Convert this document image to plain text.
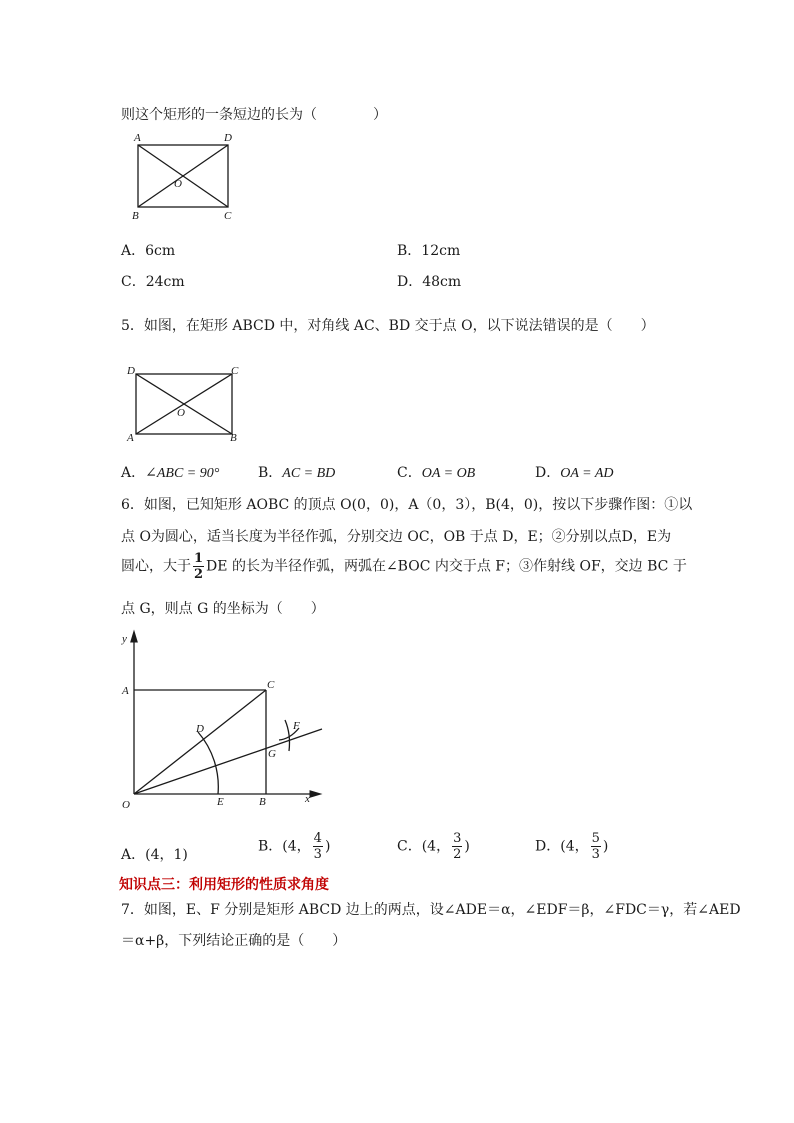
则这个矩形的一条短边的长为（　　　　）
A	D
O
B	C
A．6cm	B．12cm
C．24cm	D．48cm
5．如图，在矩形 ABCD 中，对角线 AC、BD 交于点 O，以下说法错误的是（　　）
D	C
O
A	B
A．∠ABC = 90°	B．AC = BD	C．OA = OB	D．OA = AD
6．如图，已知矩形 AOBC 的顶点 O(0，0)，A（0，3），B(4，0)，按以下步骤作图：①以
点 O为圆心，适当长度为半径作弧，分别交边 OC，OB 于点 D，E；②分别以点D，E为
圆心，大于 $\frac{1}{2}$ DE 的长为半径作弧，两弧在∠BOC 内交于点 F；③作射线 OF，交边 BC 于
点 G，则点 G 的坐标为（　　）
y
A	C
D	F
G
O	E	B	x
A．(4，1)
B．(4， $\frac{4}{3}$ )	C．(4， $\frac{3}{2}$ )	D．(4， $\frac{5}{3}$ )
知识点三：利用矩形的性质求角度
7．如图，E、F 分别是矩形 ABCD 边上的两点，设∠ADE＝α，∠EDF＝β，∠FDC＝γ，若∠AED
＝α+β，下列结论正确的是（　　）
